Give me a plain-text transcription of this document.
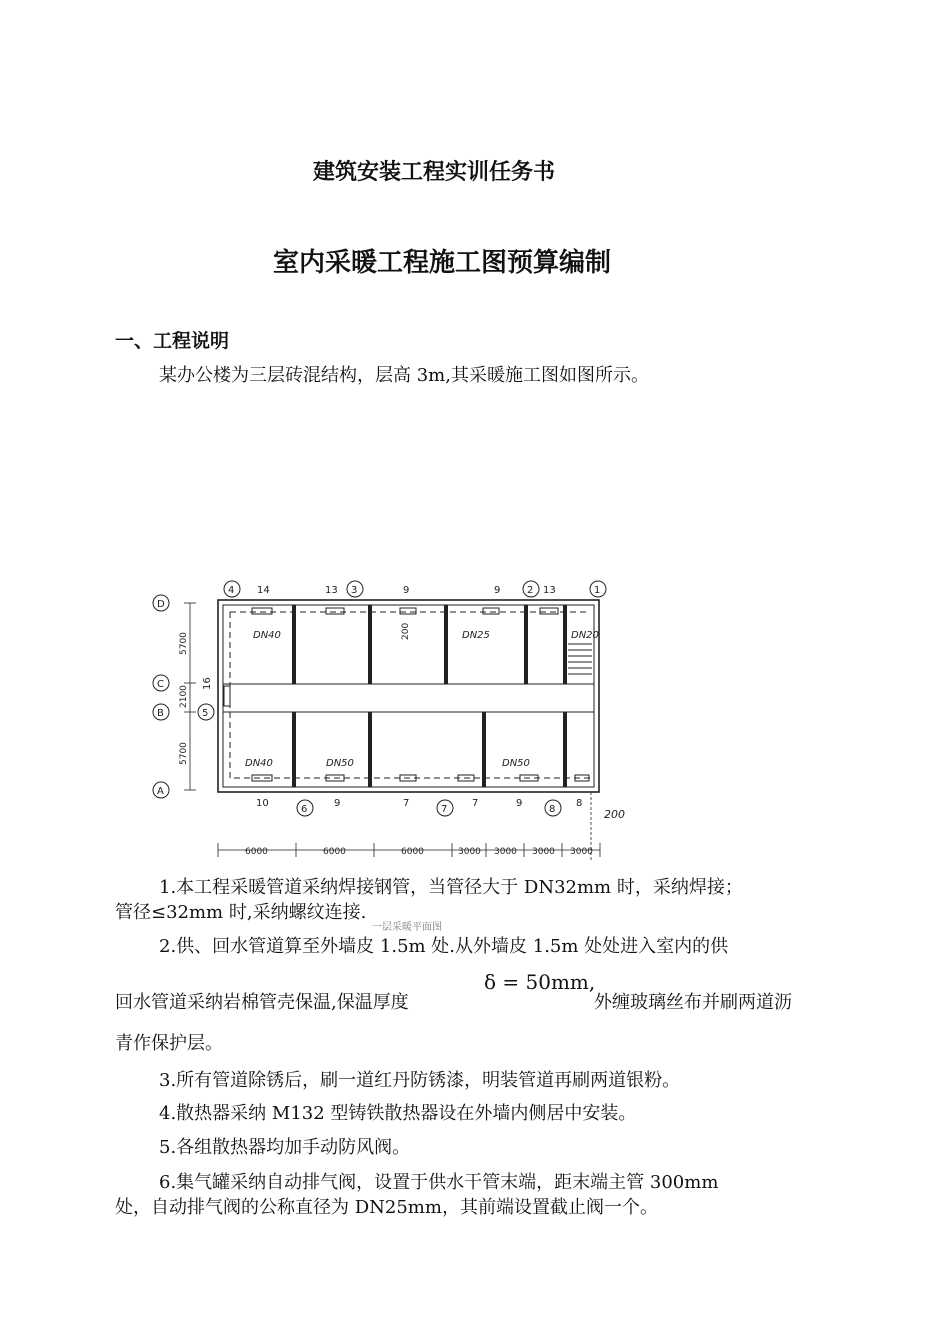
建筑安装工程实训任务书
室内采暖工程施工图预算编制
一、工程说明
某办公楼为三层砖混结构，层高 3m,其采暖施工图如图所示。
4	3	2	1
6	7	8
D
C
B
A
5
14	13	9	9	13
10	9	7	7	9	8
16
DN40	DN25	DN20
DN40	DN50	DN50
200
5700
2100
5700
6000	6000	6000	3000 3000 3000 3000
200
一层采暖平面图
1.本工程采暖管道采纳焊接钢管，当管径大于 DN32mm 时，采纳焊接；
管径≤32mm 时,采纳螺纹连接.
2.供、回水管道算至外墙皮 1.5m 处.从外墙皮 1.5m 处处进入室内的供
回水管道采纳岩棉管壳保温,保温厚度
δ = 50mm,
外缠玻璃丝布并刷两道沥
青作保护层。
3.所有管道除锈后，刷一道红丹防锈漆，明装管道再刷两道银粉。
4.散热器采纳 M132 型铸铁散热器设在外墙内侧居中安装。
5.各组散热器均加手动防风阀。
6.集气罐采纳自动排气阀，设置于供水干管末端，距末端主管 300mm
处，自动排气阀的公称直径为 DN25mm，其前端设置截止阀一个。
